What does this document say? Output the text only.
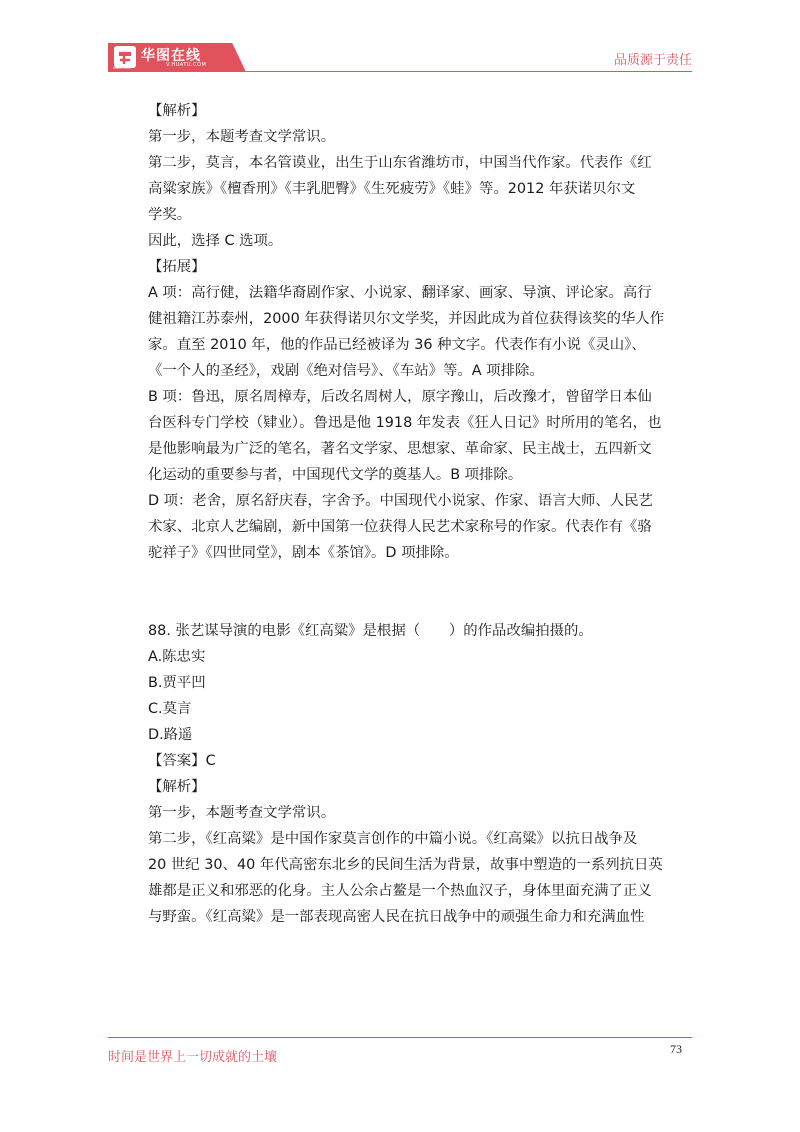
华图在线
V.HUATU.COM
SINCE 2001	品质源于责任
【解析】
第一步，本题考查文学常识。
第二步，莫言，本名管谟业，出生于山东省潍坊市，中国当代作家。代表作《红
高粱家族》《檀香刑》《丰乳肥臀》《生死疲劳》《蛙》等。2012 年获诺贝尔文
学奖。
因此，选择 C 选项。
【拓展】
A 项：高行健，法籍华裔剧作家、小说家、翻译家、画家、导演、评论家。高行
健祖籍江苏泰州，2000 年获得诺贝尔文学奖，并因此成为首位获得该奖的华人作
家。直至 2010 年，他的作品已经被译为 36 种文字。代表作有小说《灵山》、
《一个人的圣经》，戏剧《绝对信号》、《车站》等。A 项排除。
B 项：鲁迅，原名周樟寿，后改名周树人，原字豫山，后改豫才，曾留学日本仙
台医科专门学校（肄业）。鲁迅是他 1918 年发表《狂人日记》时所用的笔名，也
是他影响最为广泛的笔名，著名文学家、思想家、革命家、民主战士，五四新文
化运动的重要参与者，中国现代文学的奠基人。B 项排除。
D 项：老舍，原名舒庆春，字舍予。中国现代小说家、作家、语言大师、人民艺
术家、北京人艺编剧，新中国第一位获得人民艺术家称号的作家。代表作有《骆
驼祥子》《四世同堂》，剧本《茶馆》。D 项排除。
88. 张艺谋导演的电影《红高粱》是根据（　　）的作品改编拍摄的。
A.陈忠实
B.贾平凹
C.莫言
D.路遥
【答案】C
【解析】
第一步，本题考查文学常识。
第二步，《红高粱》是中国作家莫言创作的中篇小说。《红高粱》以抗日战争及
20 世纪 30、40 年代高密东北乡的民间生活为背景，故事中塑造的一系列抗日英
雄都是正义和邪恶的化身。主人公余占鳌是一个热血汉子，身体里面充满了正义
与野蛮。《红高粱》是一部表现高密人民在抗日战争中的顽强生命力和充满血性
时间是世界上一切成就的土壤
73
